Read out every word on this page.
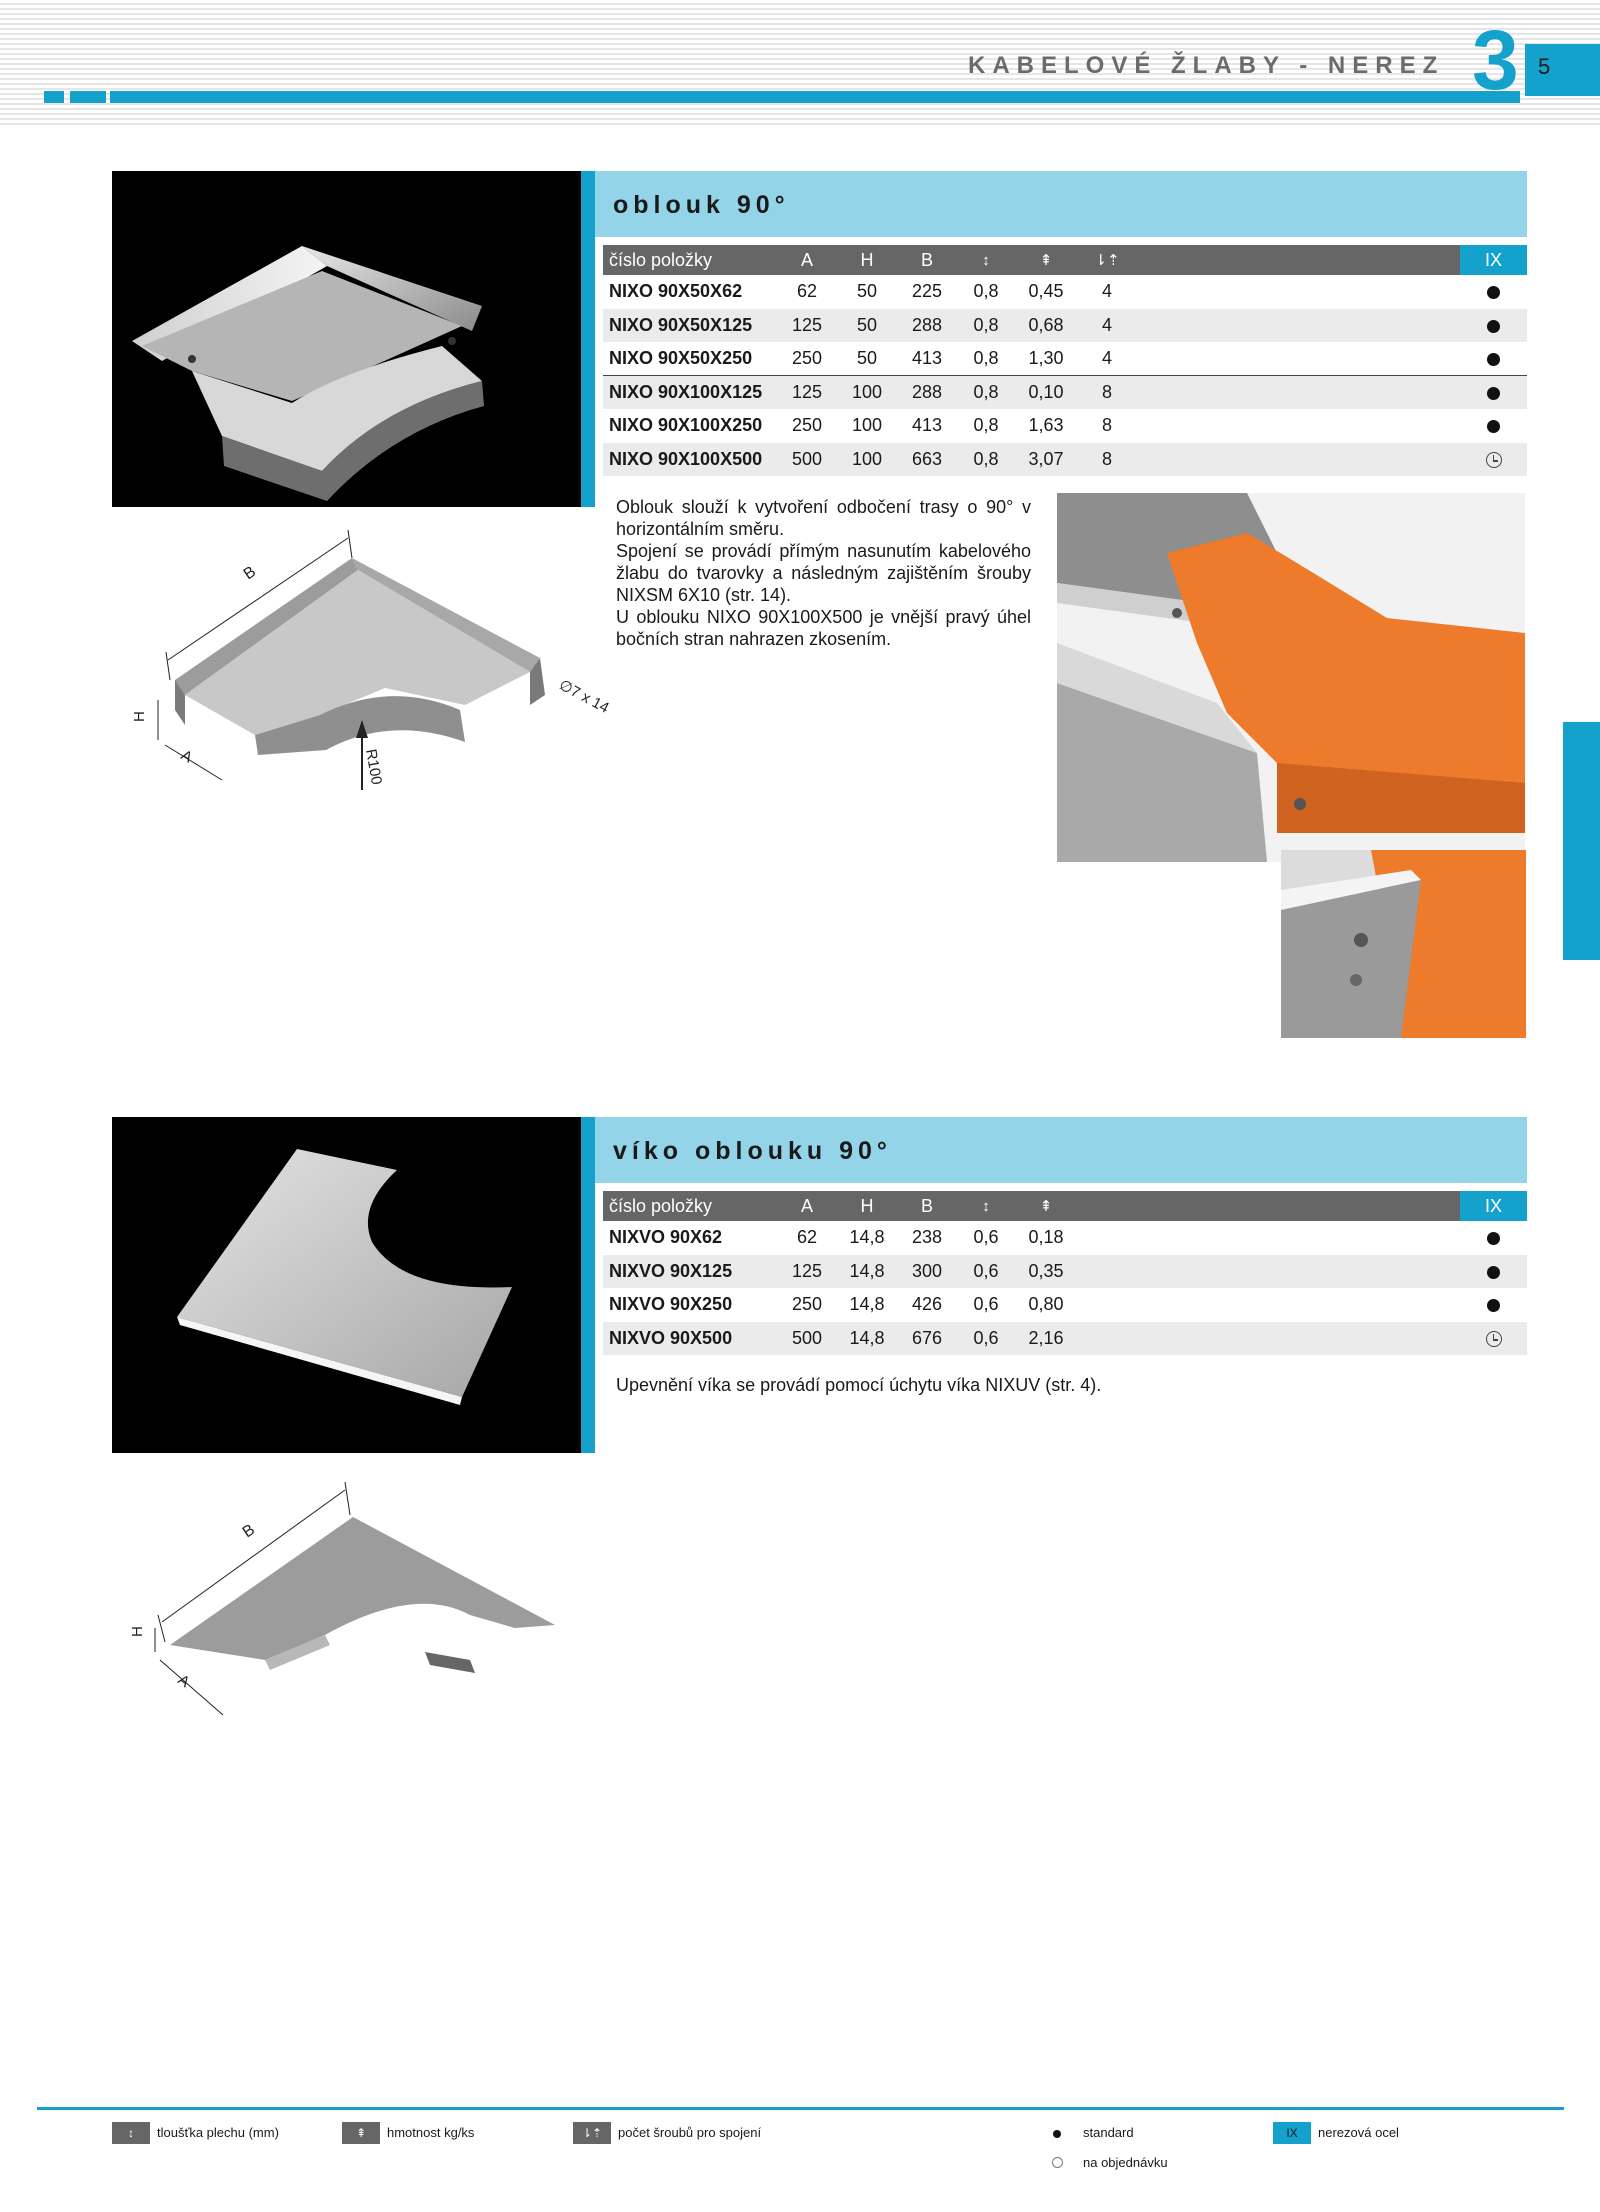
KABELOVÉ ŽLABY - NEREZ 3 5
oblouk 90°
číslo položky	A	H	B	↕	⇞	⇂⇡		IX
NIXO 90X50X62	62	50	225	0,8	0,45	4		
NIXO 90X50X125	125	50	288	0,8	0,68	4		
NIXO 90X50X250	250	50	413	0,8	1,30	4		
NIXO 90X100X125	125	100	288	0,8	0,10	8		
NIXO 90X100X250	250	100	413	0,8	1,63	8		
NIXO 90X100X500	500	100	663	0,8	3,07	8		

Oblouk slouží k vytvoření odbočení trasy o 90° v horizontálním směru.

Spojení se provádí přímým nasunutím kabelového žlabu do tvarovky a následným zajištěním šrouby NIXSM 6X10 (str. 14).

U oblouku NIXO 90X100X500 je vnější pravý úhel bočních stran nahrazen zkosením.

B
H
A	R100
∅7 x 14
víko oblouku 90°
číslo položky	A	H	B	↕	⇞		IX
NIXVO 90X62	62	14,8	238	0,6	0,18		
NIXVO 90X125	125	14,8	300	0,6	0,35		
NIXVO 90X250	250	14,8	426	0,6	0,80		
NIXVO 90X500	500	14,8	676	0,6	2,16		

Upevnění víka se provádí pomocí úchytu víka NIXUV (str. 4).

B
H
A
↕	tloušťka plechu (mm)	⇞	hmotnost kg/ks	⇂⇡	počet šroubů pro spojení	standard
na objednávku
IX	nerezová ocel
